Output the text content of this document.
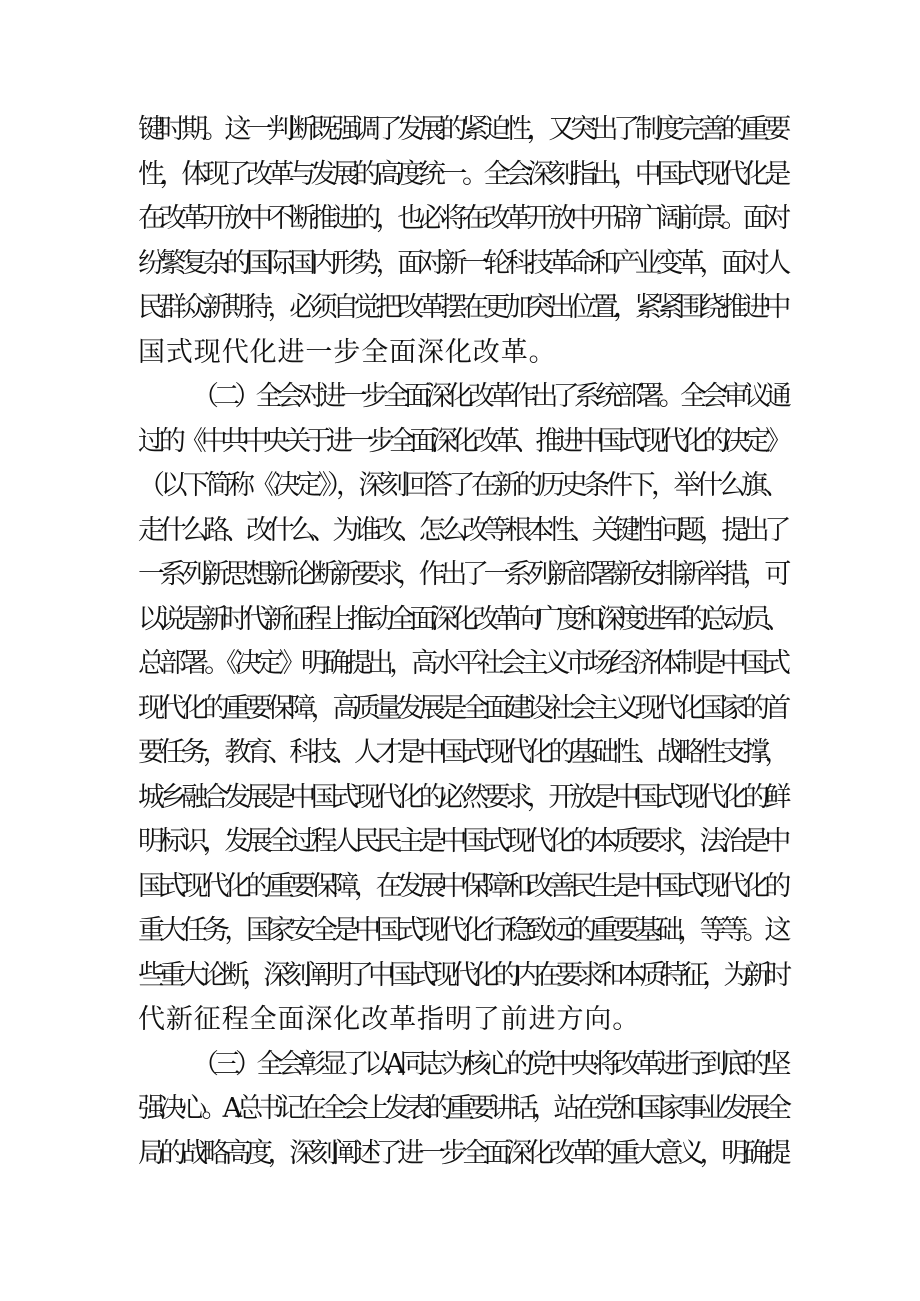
键时期。这一判断既强调了发展的紧迫性，又突出了制度完善的重要
性，体现了改革与发展的高度统一。全会深刻指出，中国式现代化是
在改革开放中不断推进的，也必将在改革开放中开辟广阔前景。面对
纷繁复杂的国际国内形势，面对新一轮科技革命和产业变革，面对人
民群众新期待，必须自觉把改革摆在更加突出位置，紧紧围绕推进中
国式现代化进一步全面深化改革。
（二）全会对进一步全面深化改革作出了系统部署。全会审议通
过的《中共中央关于进一步全面深化改革、推进中国式现代化的决定》
（以下简称《决定》），深刻回答了在新的历史条件下，举什么旗、
走什么路、改什么、为谁改、怎么改等根本性、关键性问题，提出了
一系列新思想新论断新要求，作出了一系列新部署新安排新举措，可
以说是新时代新征程上推动全面深化改革向广度和深度进军的总动员、
总部署。《决定》明确提出，高水平社会主义市场经济体制是中国式
现代化的重要保障，高质量发展是全面建设社会主义现代化国家的首
要任务，教育、科技、人才是中国式现代化的基础性、战略性支撑，
城乡融合发展是中国式现代化的必然要求，开放是中国式现代化的鲜
明标识，发展全过程人民民主是中国式现代化的本质要求，法治是中
国式现代化的重要保障，在发展中保障和改善民生是中国式现代化的
重大任务，国家安全是中国式现代化行稳致远的重要基础，等等。这
些重大论断，深刻阐明了中国式现代化的内在要求和本质特征，为新时
代新征程全面深化改革指明了前进方向。
（三）全会彰显了以A同志为核心的党中央将改革进行到底的坚
强决心。A总书记在全会上发表的重要讲话，站在党和国家事业发展全
局的战略高度，深刻阐述了进一步全面深化改革的重大意义，明确提
